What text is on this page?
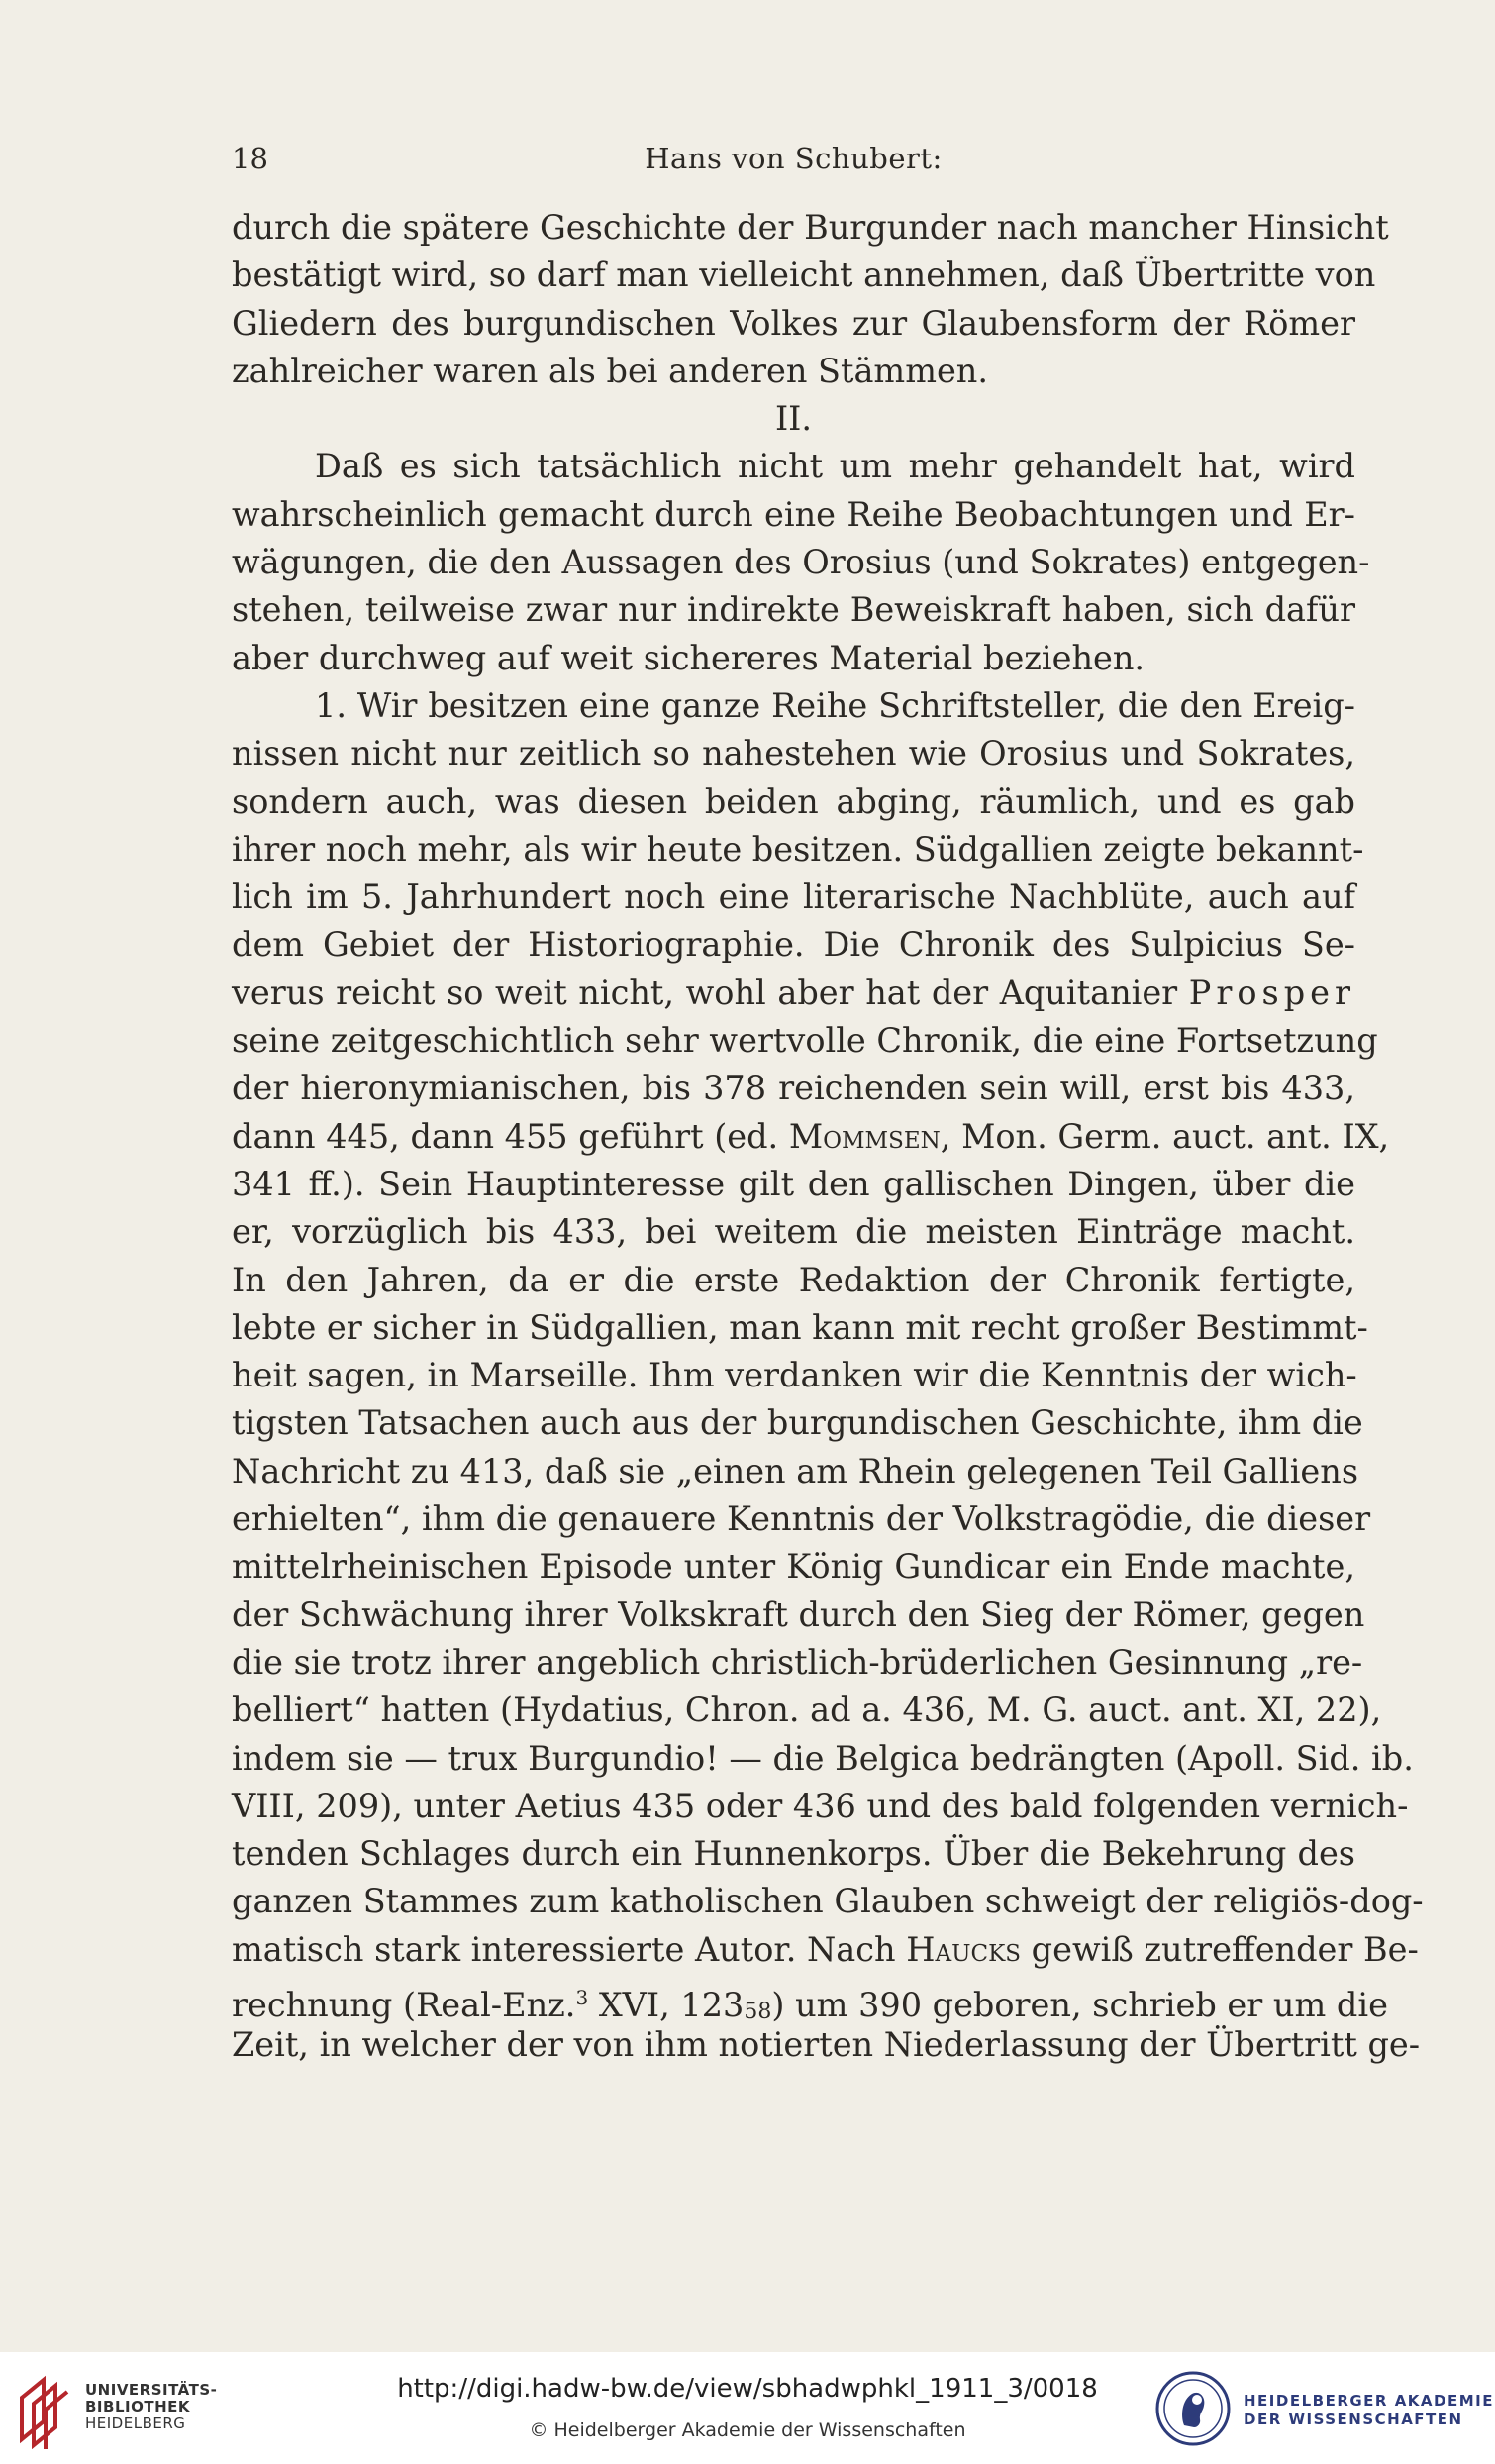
18	Hans von Schubert:
durch die spätere Geschichte der Burgunder nach mancher Hinsicht
bestätigt wird, so darf man vielleicht annehmen, daß Übertritte von
Gliedern des burgundischen Volkes zur Glaubensform der Römer
zahlreicher waren als bei anderen Stämmen.
II.
Daß es sich tatsächlich nicht um mehr gehandelt hat, wird
wahrscheinlich gemacht durch eine Reihe Beobachtungen und Er-
wägungen, die den Aussagen des Orosius (und Sokrates) entgegen-
stehen, teilweise zwar nur indirekte Beweiskraft haben, sich dafür
aber durchweg auf weit sichereres Material beziehen.
1. Wir besitzen eine ganze Reihe Schriftsteller, die den Ereig-
nissen nicht nur zeitlich so nahestehen wie Orosius und Sokrates,
sondern auch, was diesen beiden abging, räumlich, und es gab
ihrer noch mehr, als wir heute besitzen. Südgallien zeigte bekannt-
lich im 5. Jahrhundert noch eine literarische Nachblüte, auch auf
dem Gebiet der Historiographie. Die Chronik des Sulpicius Se-
verus reicht so weit nicht, wohl aber hat der Aquitanier Prosper
seine zeitgeschichtlich sehr wertvolle Chronik, die eine Fortsetzung
der hieronymianischen, bis 378 reichenden sein will, erst bis 433,
dann 445, dann 455 geführt (ed. Mommsen, Mon. Germ. auct. ant. IX,
341 ff.). Sein Hauptinteresse gilt den gallischen Dingen, über die
er, vorzüglich bis 433, bei weitem die meisten Einträge macht.
In den Jahren, da er die erste Redaktion der Chronik fertigte,
lebte er sicher in Südgallien, man kann mit recht großer Bestimmt-
heit sagen, in Marseille. Ihm verdanken wir die Kenntnis der wich-
tigsten Tatsachen auch aus der burgundischen Geschichte, ihm die
Nachricht zu 413, daß sie „einen am Rhein gelegenen Teil Galliens
erhielten“, ihm die genauere Kenntnis der Volkstragödie, die dieser
mittelrheinischen Episode unter König Gundicar ein Ende machte,
der Schwächung ihrer Volkskraft durch den Sieg der Römer, gegen
die sie trotz ihrer angeblich christlich-brüderlichen Gesinnung „re-
belliert“ hatten (Hydatius, Chron. ad a. 436, M. G. auct. ant. XI, 22),
indem sie — trux Burgundio! — die Belgica bedrängten (Apoll. Sid. ib.
VIII, 209), unter Aetius 435 oder 436 und des bald folgenden vernich-
tenden Schlages durch ein Hunnenkorps. Über die Bekehrung des
ganzen Stammes zum katholischen Glauben schweigt der religiös-dog-
matisch stark interessierte Autor. Nach Haucks gewiß zutreffender Be-
rechnung (Real-Enz.$^3$ XVI, 12358) um 390 geboren, schrieb er um die
Zeit, in welcher der von ihm notierten Niederlassung der Übertritt ge-
UNIVERSITÄTS-
BIBLIOTHEK
HEIDELBERG
http://digi.hadw-bw.de/view/sbhadwphkl_1911_3/0018
© Heidelberger Akademie der Wissenschaften
HEIDELBERGER AKADEMIE
DER WISSENSCHAFTEN
